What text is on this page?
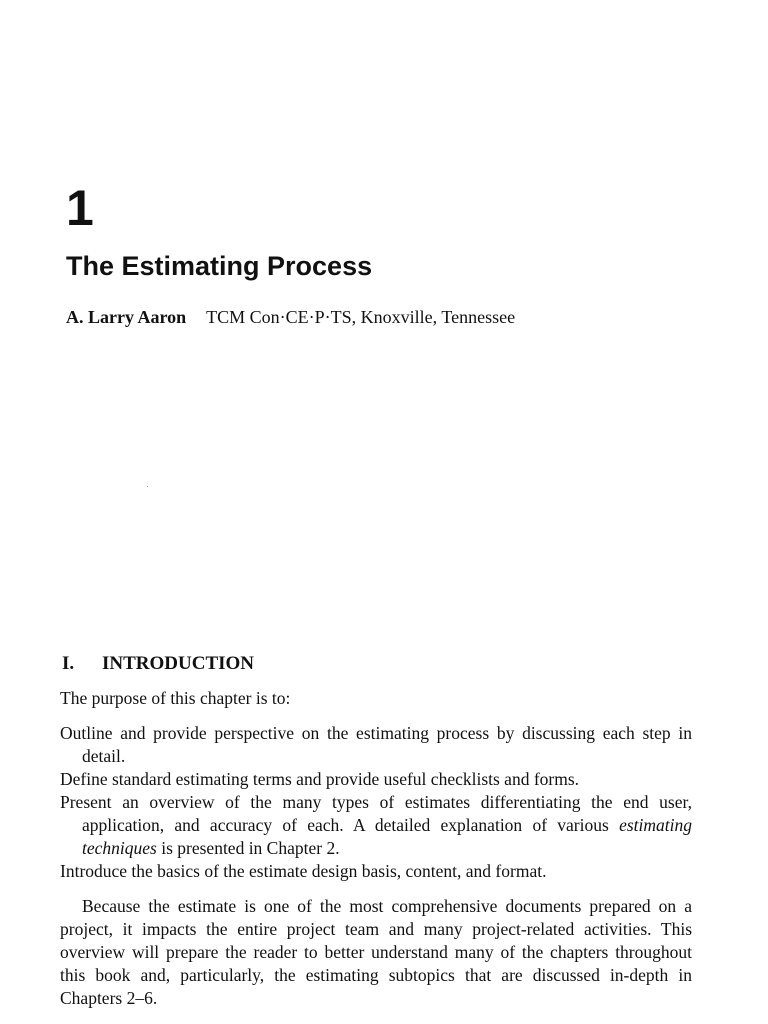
1
The Estimating Process

A. Larry Aaron TCM Con·CE·P·TS, Knoxville, Tennessee

I. INTRODUCTION

The purpose of this chapter is to:

Outline and provide perspective on the estimating process by discussing each step in detail.
Define standard estimating terms and provide useful checklists and forms.
Present an overview of the many types of estimates differentiating the end user, application, and accuracy of each. A detailed explanation of various estimating techniques is presented in Chapter 2.
Introduce the basics of the estimate design basis, content, and format.

Because the estimate is one of the most comprehensive documents prepared on a project, it impacts the entire project team and many project-related activities. This overview will prepare the reader to better understand many of the chapters throughout this book and, particularly, the estimating subtopics that are discussed in-depth in Chapters 2–6.
